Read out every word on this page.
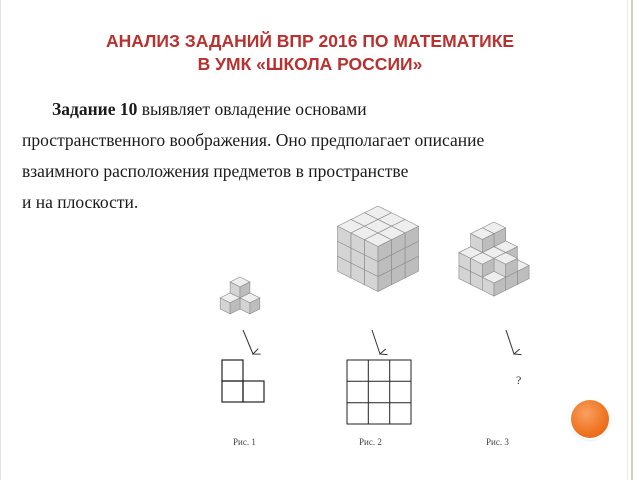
АНАЛИЗ ЗАДАНИЙ ВПР 2016 ПО МАТЕМАТИКЕ
В УМК «ШКОЛА РОССИИ»
Задание 10 выявляет овладение основами
пространственного воображения. Оно предполагает описание
взаимного расположения предметов в пространстве
и на плоскости.
Рис. 1	Рис. 2	Рис. 3
?
